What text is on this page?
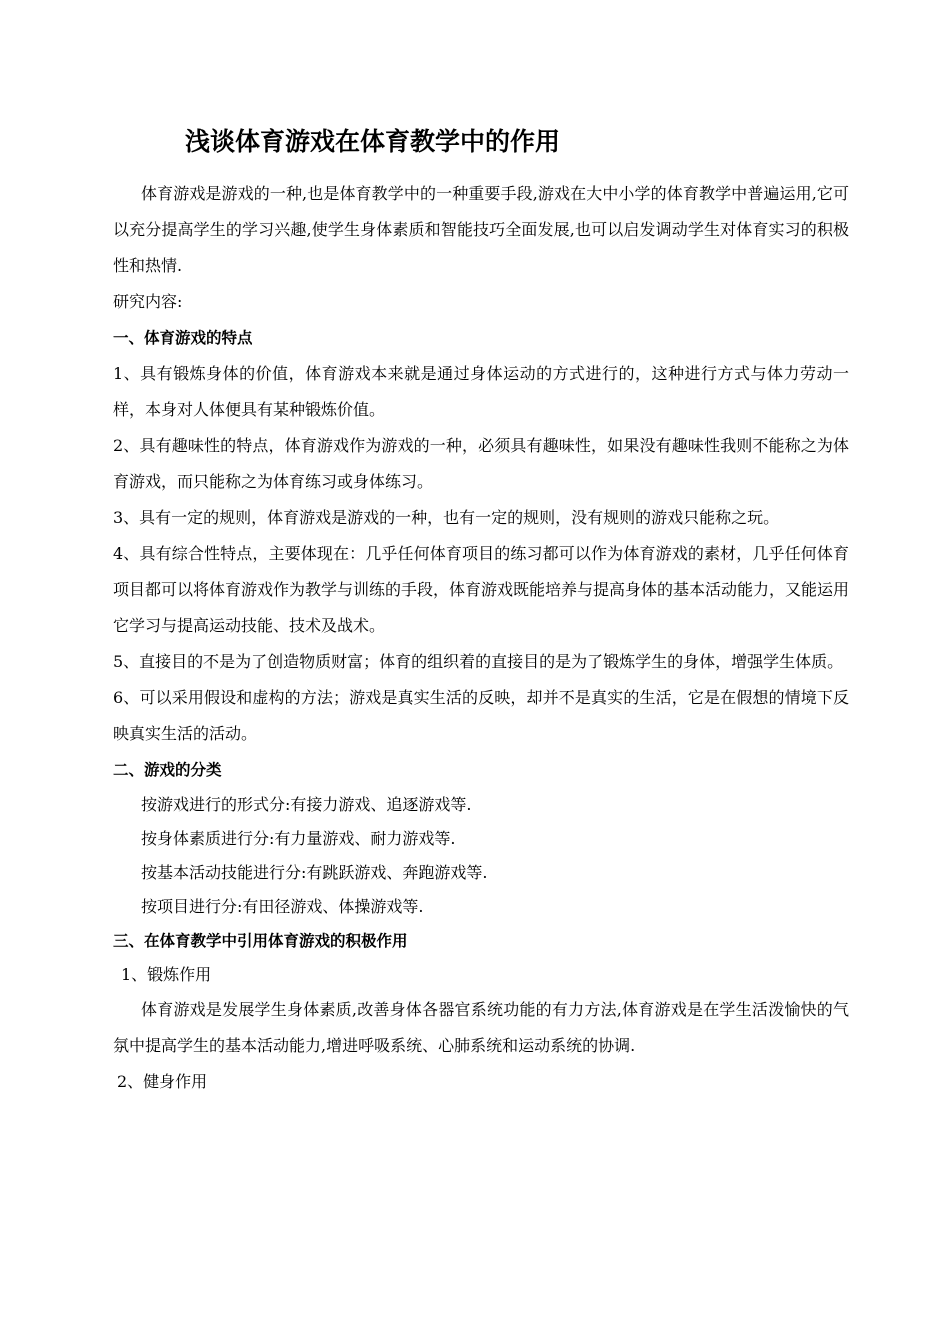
浅谈体育游戏在体育教学中的作用

体育游戏是游戏的一种,也是体育教学中的一种重要手段,游戏在大中小学的体育教学中普遍运用,它可以充分提高学生的学习兴趣,使学生身体素质和智能技巧全面发展,也可以启发调动学生对体育实习的积极性和热情.

研究内容:

一、体育游戏的特点

1、具有锻炼身体的价值，体育游戏本来就是通过身体运动的方式进行的，这种进行方式与体力劳动一样，本身对人体便具有某种锻炼价值。

2、具有趣味性的特点，体育游戏作为游戏的一种，必须具有趣味性，如果没有趣味性我则不能称之为体育游戏，而只能称之为体育练习或身体练习。

3、具有一定的规则，体育游戏是游戏的一种，也有一定的规则，没有规则的游戏只能称之玩。

4、具有综合性特点，主要体现在：几乎任何体育项目的练习都可以作为体育游戏的素材，几乎任何体育项目都可以将体育游戏作为教学与训练的手段，体育游戏既能培养与提高身体的基本活动能力，又能运用它学习与提高运动技能、技术及战术。

5、直接目的不是为了创造物质财富；体育的组织着的直接目的是为了锻炼学生的身体，增强学生体质。

6、可以采用假设和虚构的方法；游戏是真实生活的反映，却并不是真实的生活，它是在假想的情境下反映真实生活的活动。

二、游戏的分类

按游戏进行的形式分:有接力游戏、追逐游戏等.

按身体素质进行分:有力量游戏、耐力游戏等.

按基本活动技能进行分:有跳跃游戏、奔跑游戏等.

按项目进行分:有田径游戏、体操游戏等.

三、在体育教学中引用体育游戏的积极作用

1、锻炼作用

体育游戏是发展学生身体素质,改善身体各器官系统功能的有力方法,体育游戏是在学生活泼愉快的气氛中提高学生的基本活动能力,增进呼吸系统、心肺系统和运动系统的协调.

2、健身作用
